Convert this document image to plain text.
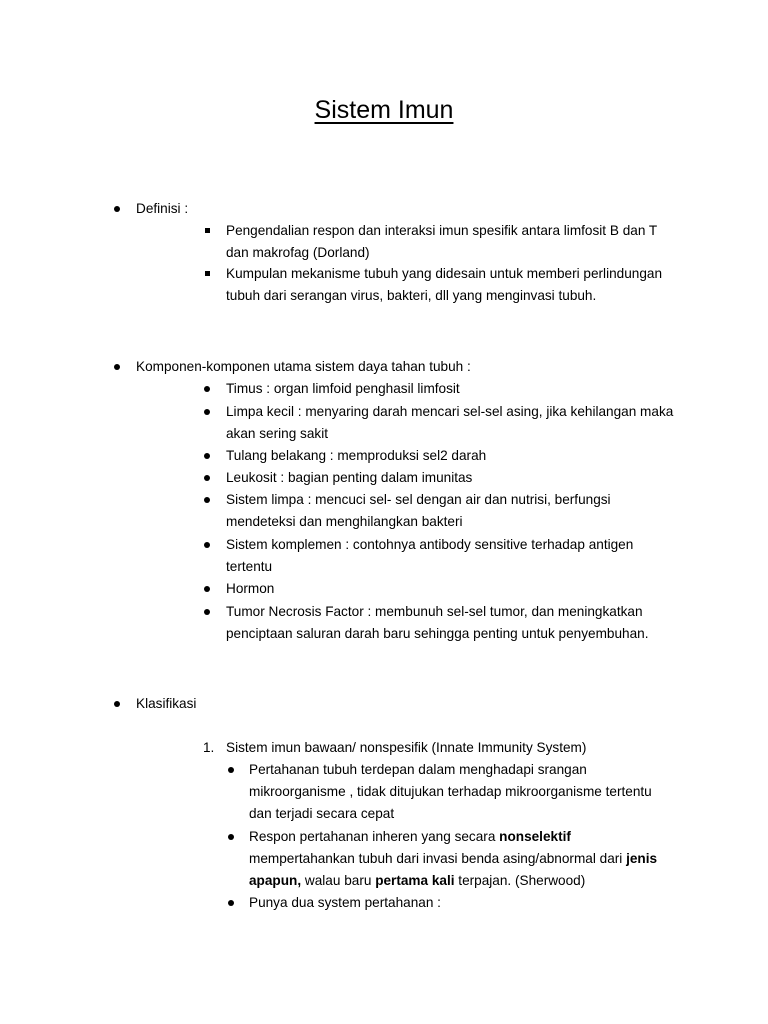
Sistem Imun
Definisi :
Pengendalian respon dan interaksi imun spesifik antara limfosit B dan T
dan makrofag (Dorland)
Kumpulan mekanisme tubuh yang didesain untuk memberi perlindungan
tubuh dari serangan virus, bakteri, dll yang menginvasi tubuh.
Komponen-komponen utama sistem daya tahan tubuh :
Timus : organ limfoid penghasil limfosit
Limpa kecil : menyaring darah mencari sel-sel asing, jika kehilangan maka
akan sering sakit
Tulang belakang : memproduksi sel2 darah
Leukosit : bagian penting dalam imunitas
Sistem limpa : mencuci sel- sel dengan air dan nutrisi, berfungsi
mendeteksi dan menghilangkan bakteri
Sistem komplemen : contohnya antibody sensitive terhadap antigen
tertentu
Hormon
Tumor Necrosis Factor : membunuh sel-sel tumor, dan meningkatkan
penciptaan saluran darah baru sehingga penting untuk penyembuhan.
Klasifikasi
1. Sistem imun bawaan/ nonspesifik (Innate Immunity System)
Pertahanan tubuh terdepan dalam menghadapi srangan
mikroorganisme , tidak ditujukan terhadap mikroorganisme tertentu
dan terjadi secara cepat
Respon pertahanan inheren yang secara nonselektif
mempertahankan tubuh dari invasi benda asing/abnormal dari jenis
apapun, walau baru pertama kali terpajan. (Sherwood)
Punya dua system pertahanan :
